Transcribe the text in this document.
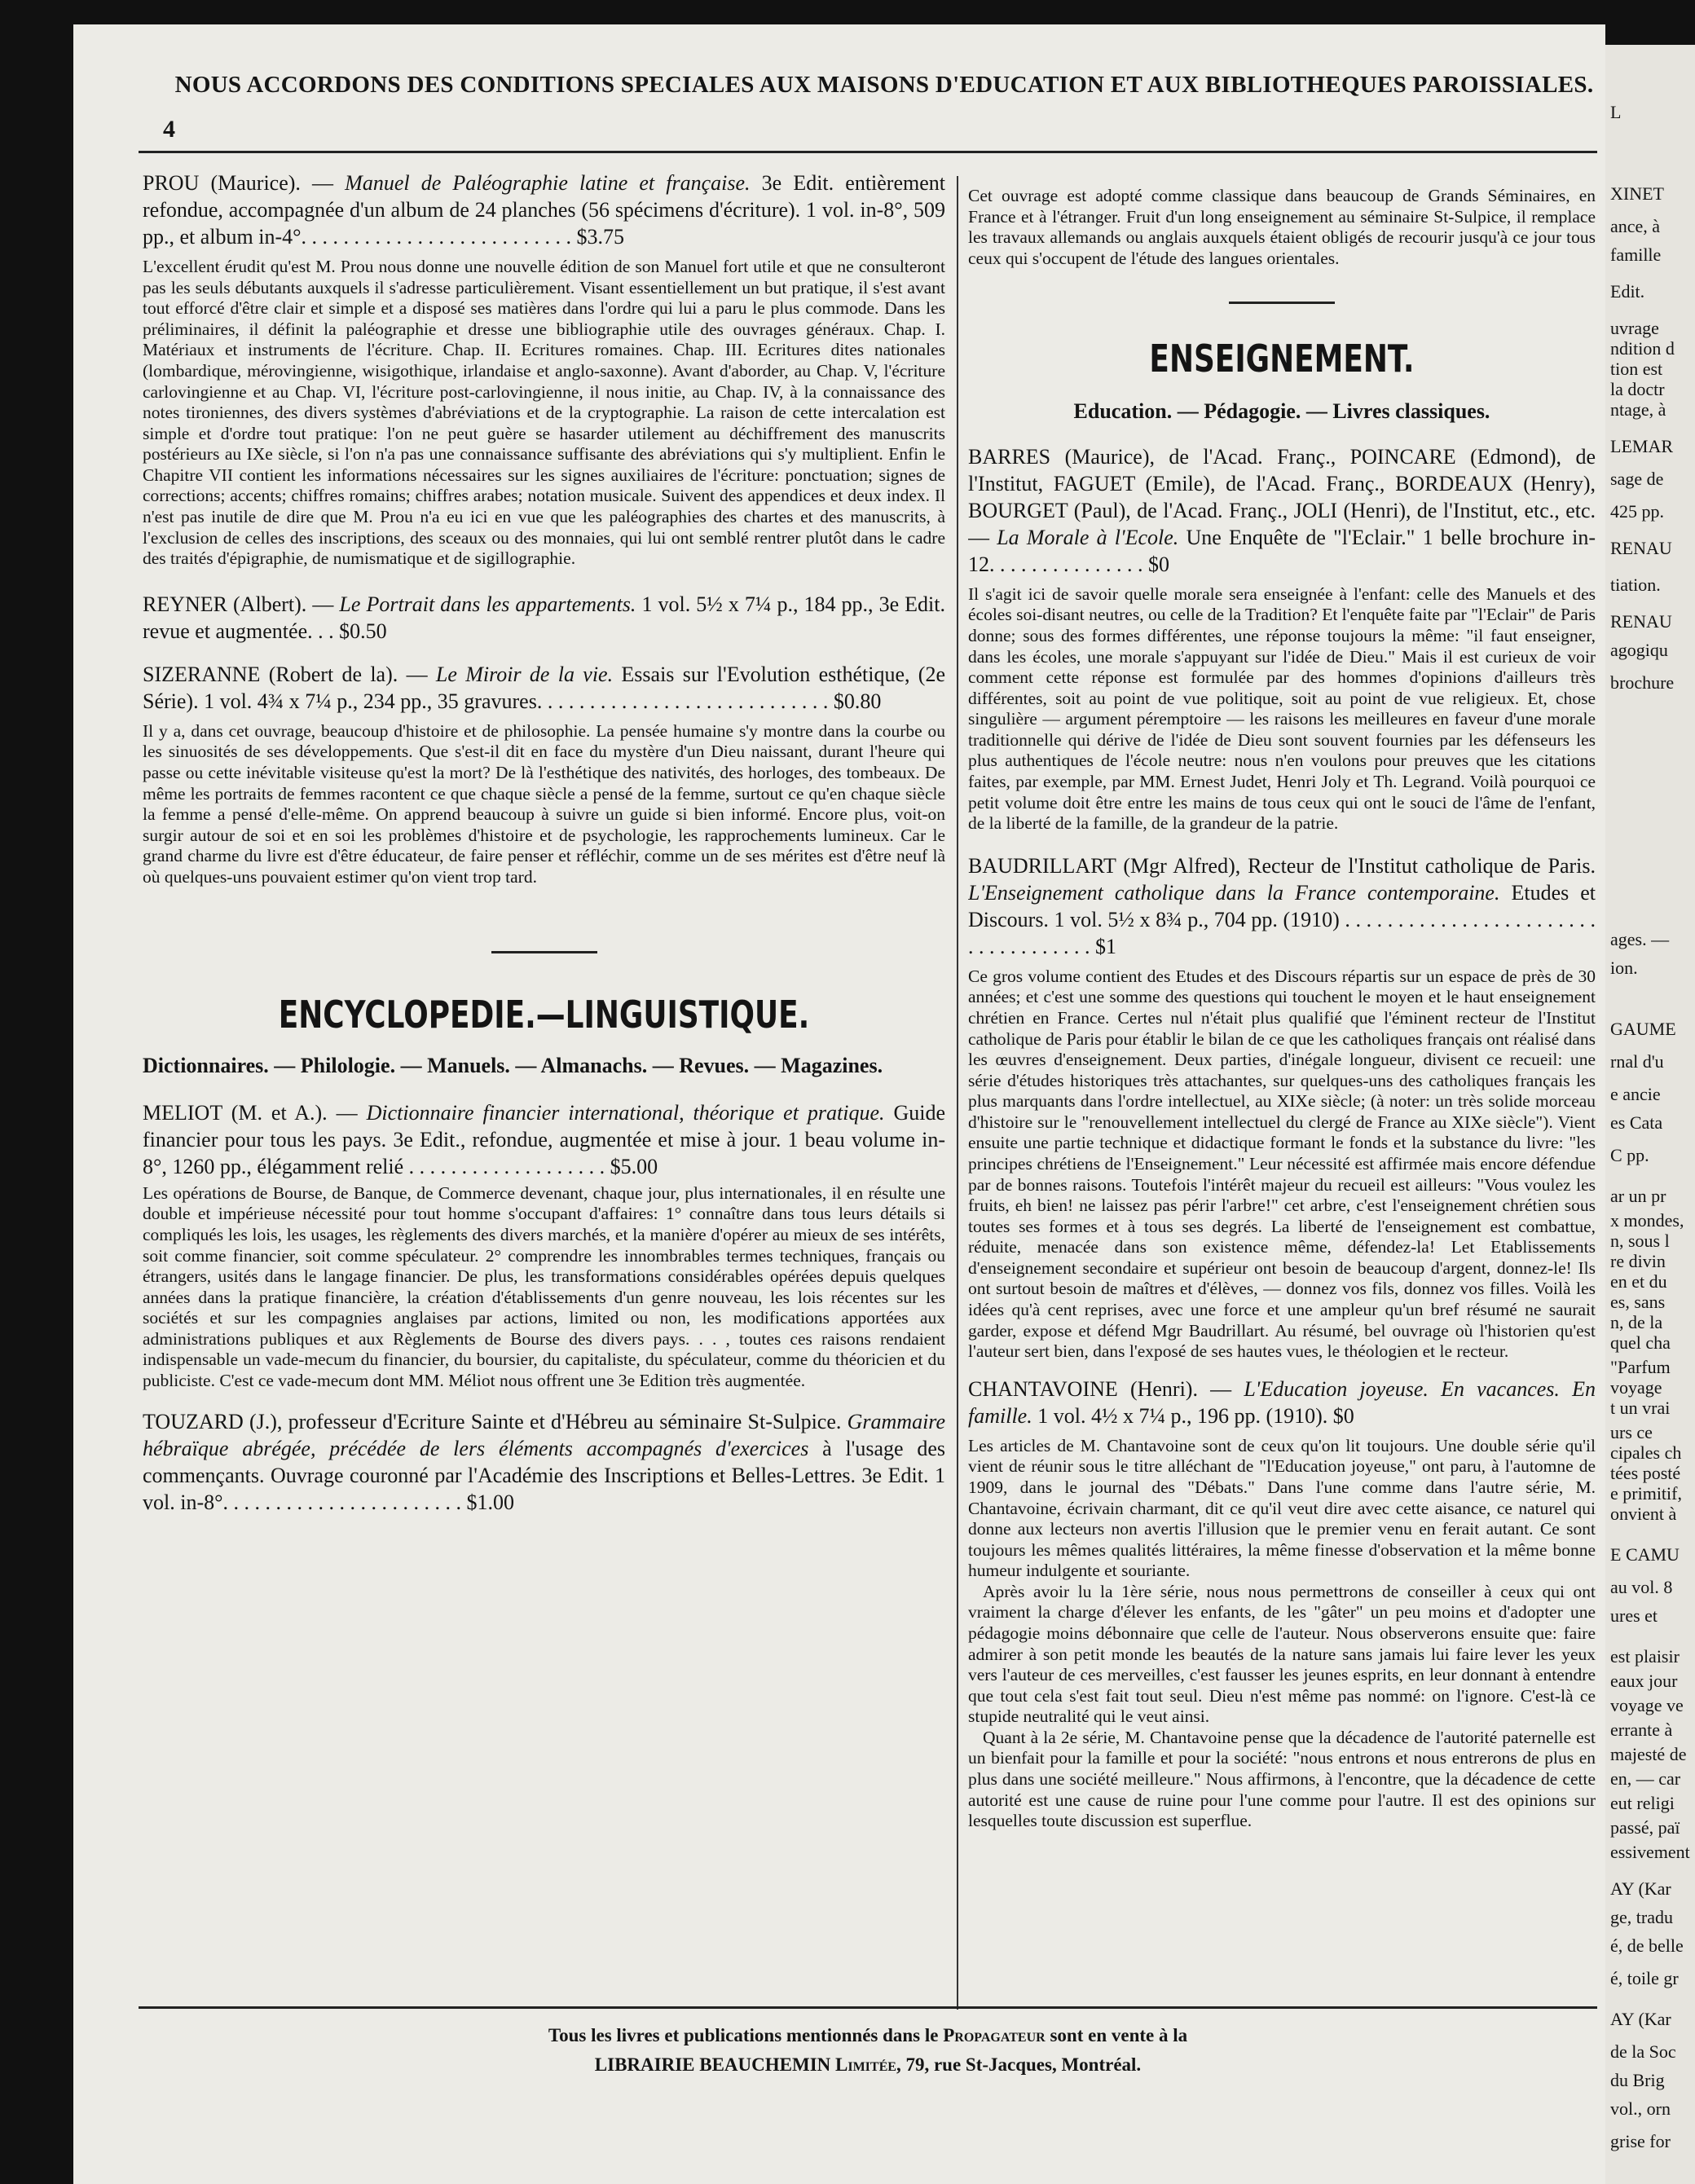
NOUS ACCORDONS DES CONDITIONS SPECIALES AUX MAISONS D'EDUCATION ET AUX BIBLIOTHEQUES PAROISSIALES.
4

PROU (Maurice). — Manuel de Paléographie latine et française. 3e Edit. entièrement refondue, accompagnée d'un album de 24 planches (56 spécimens d'écriture). 1 vol. in-8°, 509 pp., et album in-4°. . . . . . . . . . . . . . . . . . . . . . . . . . $3.75

L'excellent érudit qu'est M. Prou nous donne une nouvelle édition de son Manuel fort utile et que ne consulteront pas les seuls débutants auxquels il s'adresse particulièrement. Visant essentiellement un but pratique, il s'est avant tout efforcé d'être clair et simple et a disposé ses matières dans l'ordre qui lui a paru le plus commode. Dans les préliminaires, il définit la paléographie et dresse une bibliographie utile des ouvrages généraux. Chap. I. Matériaux et instruments de l'écriture. Chap. II. Ecritures romaines. Chap. III. Ecritures dites nationales (lombardique, mérovingienne, wisigothique, irlandaise et anglo-saxonne). Avant d'aborder, au Chap. V, l'écriture carlovingienne et au Chap. VI, l'écriture post-carlovingienne, il nous initie, au Chap. IV, à la connaissance des notes tironiennes, des divers systèmes d'abréviations et de la cryptographie. La raison de cette intercalation est simple et d'ordre tout pratique: l'on ne peut guère se hasarder utilement au déchiffrement des manuscrits postérieurs au IXe siècle, si l'on n'a pas une connaissance suffisante des abréviations qui s'y multiplient. Enfin le Chapitre VII contient les informations nécessaires sur les signes auxiliaires de l'écriture: ponctuation; signes de corrections; accents; chiffres romains; chiffres arabes; notation musicale. Suivent des appendices et deux index. Il n'est pas inutile de dire que M. Prou n'a eu ici en vue que les paléographies des chartes et des manuscrits, à l'exclusion de celles des inscriptions, des sceaux ou des monnaies, qui lui ont semblé rentrer plutôt dans le cadre des traités d'épigraphie, de numismatique et de sigillographie.

REYNER (Albert). — Le Portrait dans les appartements. 1 vol. 5½ x 7¼ p., 184 pp., 3e Edit. revue et augmentée. . . $0.50

SIZERANNE (Robert de la). — Le Miroir de la vie. Essais sur l'Evolution esthétique, (2e Série). 1 vol. 4¾ x 7¼ p., 234 pp., 35 gravures. . . . . . . . . . . . . . . . . . . . . . . . . . . . $0.80

Il y a, dans cet ouvrage, beaucoup d'histoire et de philosophie. La pensée humaine s'y montre dans la courbe ou les sinuosités de ses développements. Que s'est-il dit en face du mystère d'un Dieu naissant, durant l'heure qui passe ou cette inévitable visiteuse qu'est la mort? De là l'esthétique des nativités, des horloges, des tombeaux. De même les portraits de femmes racontent ce que chaque siècle a pensé de la femme, surtout ce qu'en chaque siècle la femme a pensé d'elle-même. On apprend beaucoup à suivre un guide si bien informé. Encore plus, voit-on surgir autour de soi et en soi les problèmes d'histoire et de psychologie, les rapprochements lumineux. Car le grand charme du livre est d'être éducateur, de faire penser et réfléchir, comme un de ses mérites est d'être neuf là où quelques-uns pouvaient estimer qu'on vient trop tard.

ENCYCLOPEDIE.—LINGUISTIQUE.

Dictionnaires. — Philologie. — Manuels. — Almanachs. — Revues. — Magazines.

MELIOT (M. et A.). — Dictionnaire financier international, théorique et pratique. Guide financier pour tous les pays. 3e Edit., refondue, augmentée et mise à jour. 1 beau volume in-8°, 1260 pp., élégamment relié . . . . . . . . . . . . . . . . . . . $5.00

Les opérations de Bourse, de Banque, de Commerce devenant, chaque jour, plus internationales, il en résulte une double et impérieuse nécessité pour tout homme s'occupant d'affaires: 1° connaître dans tous leurs détails si compliqués les lois, les usages, les règlements des divers marchés, et la manière d'opérer au mieux de ses intérêts, soit comme financier, soit comme spéculateur. 2° comprendre les innombrables termes techniques, français ou étrangers, usités dans le langage financier. De plus, les transformations considérables opérées depuis quelques années dans la pratique financière, la création d'établissements d'un genre nouveau, les lois récentes sur les sociétés et sur les compagnies anglaises par actions, limited ou non, les modifications apportées aux administrations publiques et aux Règlements de Bourse des divers pays. . . , toutes ces raisons rendaient indispensable un vade-mecum du financier, du boursier, du capitaliste, du spéculateur, comme du théoricien et du publiciste. C'est ce vade-mecum dont MM. Méliot nous offrent une 3e Edition très augmentée.

TOUZARD (J.), professeur d'Ecriture Sainte et d'Hébreu au séminaire St-Sulpice. Grammaire hébraïque abrégée, précédée de lers éléments accompagnés d'exercices à l'usage des commençants. Ouvrage couronné par l'Académie des Inscriptions et Belles-Lettres. 3e Edit. 1 vol. in-8°. . . . . . . . . . . . . . . . . . . . . . . $1.00

Cet ouvrage est adopté comme classique dans beaucoup de Grands Séminaires, en France et à l'étranger. Fruit d'un long enseignement au séminaire St-Sulpice, il remplace les travaux allemands ou anglais auxquels étaient obligés de recourir jusqu'à ce jour tous ceux qui s'occupent de l'étude des langues orientales.

ENSEIGNEMENT.

Education. — Pédagogie. — Livres classiques.

BARRES (Maurice), de l'Acad. Franç., POINCARE (Edmond), de l'Institut, FAGUET (Emile), de l'Acad. Franç., BORDEAUX (Henry), BOURGET (Paul), de l'Acad. Franç., JOLI (Henri), de l'Institut, etc., etc. — La Morale à l'Ecole. Une Enquête de "l'Eclair." 1 belle brochure in-12. . . . . . . . . . . . . . . $0

Il s'agit ici de savoir quelle morale sera enseignée à l'enfant: celle des Manuels et des écoles soi-disant neutres, ou celle de la Tradition? Et l'enquête faite par "l'Eclair" de Paris donne; sous des formes différentes, une réponse toujours la même: "il faut enseigner, dans les écoles, une morale s'appuyant sur l'idée de Dieu." Mais il est curieux de voir comment cette réponse est formulée par des hommes d'opinions d'ailleurs très différentes, soit au point de vue politique, soit au point de vue religieux. Et, chose singulière — argument péremptoire — les raisons les meilleures en faveur d'une morale traditionnelle qui dérive de l'idée de Dieu sont souvent fournies par les défenseurs les plus authentiques de l'école neutre: nous n'en voulons pour preuves que les citations faites, par exemple, par MM. Ernest Judet, Henri Joly et Th. Legrand. Voilà pourquoi ce petit volume doit être entre les mains de tous ceux qui ont le souci de l'âme de l'enfant, de la liberté de la famille, de la grandeur de la patrie.

BAUDRILLART (Mgr Alfred), Recteur de l'Institut catholique de Paris. L'Enseignement catholique dans la France contemporaine. Etudes et Discours. 1 vol. 5½ x 8¾ p., 704 pp. (1910) . . . . . . . . . . . . . . . . . . . . . . . . . . . . . . . . . . . . $1

Ce gros volume contient des Etudes et des Discours répartis sur un espace de près de 30 années; et c'est une somme des questions qui touchent le moyen et le haut enseignement chrétien en France. Certes nul n'était plus qualifié que l'éminent recteur de l'Institut catholique de Paris pour établir le bilan de ce que les catholiques français ont réalisé dans les œuvres d'enseignement. Deux parties, d'inégale longueur, divisent ce recueil: une série d'études historiques très attachantes, sur quelques-uns des catholiques français les plus marquants dans l'ordre intellectuel, au XIXe siècle; (à noter: un très solide morceau d'histoire sur le "renouvellement intellectuel du clergé de France au XIXe siècle"). Vient ensuite une partie technique et didactique formant le fonds et la substance du livre: "les principes chrétiens de l'Enseignement." Leur nécessité est affirmée mais encore défendue par de bonnes raisons. Toutefois l'intérêt majeur du recueil est ailleurs: "Vous voulez les fruits, eh bien! ne laissez pas périr l'arbre!" cet arbre, c'est l'enseignement chrétien sous toutes ses formes et à tous ses degrés. La liberté de l'enseignement est combattue, réduite, menacée dans son existence même, défendez-la! Let Etablissements d'enseignement secondaire et supérieur ont besoin de beaucoup d'argent, donnez-le! Ils ont surtout besoin de maîtres et d'élèves, — donnez vos fils, donnez vos filles. Voilà les idées qu'à cent reprises, avec une force et une ampleur qu'un bref résumé ne saurait garder, expose et défend Mgr Baudrillart. Au résumé, bel ouvrage où l'historien qu'est l'auteur sert bien, dans l'exposé de ses hautes vues, le théologien et le recteur.

CHANTAVOINE (Henri). — L'Education joyeuse. En vacances. En famille. 1 vol. 4½ x 7¼ p., 196 pp. (1910). $0

Les articles de M. Chantavoine sont de ceux qu'on lit toujours. Une double série qu'il vient de réunir sous le titre alléchant de "l'Education joyeuse," ont paru, à l'automne de 1909, dans le journal des "Débats." Dans l'une comme dans l'autre série, M. Chantavoine, écrivain charmant, dit ce qu'il veut dire avec cette aisance, ce naturel qui donne aux lecteurs non avertis l'illusion que le premier venu en ferait autant. Ce sont toujours les mêmes qualités littéraires, la même finesse d'observation et la même bonne humeur indulgente et souriante.

Après avoir lu la 1ère série, nous nous permettrons de conseiller à ceux qui ont vraiment la charge d'élever les enfants, de les "gâter" un peu moins et d'adopter une pédagogie moins débonnaire que celle de l'auteur. Nous observerons ensuite que: faire admirer à son petit monde les beautés de la nature sans jamais lui faire lever les yeux vers l'auteur de ces merveilles, c'est fausser les jeunes esprits, en leur donnant à entendre que tout cela s'est fait tout seul. Dieu n'est même pas nommé: on l'ignore. C'est-là ce stupide neutralité qui le veut ainsi.

Quant à la 2e série, M. Chantavoine pense que la décadence de l'autorité paternelle est un bienfait pour la famille et pour la société: "nous entrons et nous entrerons de plus en plus dans une société meilleure." Nous affirmons, à l'encontre, que la décadence de cette autorité est une cause de ruine pour l'une comme pour l'autre. Il est des opinions sur lesquelles toute discussion est superflue.

Tous les livres et publications mentionnés dans le Propagateur sont en vente à la
LIBRAIRIE BEAUCHEMIN Limitée, 79, rue St-Jacques, Montréal.
L
XINET
ance, à
famille
Edit.
uvrage
ndition d
tion est
la doctr
ntage, à
LEMAR
sage de
425 pp.
RENAU
tiation.
RENAU
agogiqu
brochure
ages. —
ion.
GAUME
rnal d'u
e ancie
es Cata
C pp.
ar un pr
x mondes,
n, sous l
re divin
en et du
es, sans
n, de la
quel cha
"Parfum
voyage
t un vrai
urs ce
cipales ch
tées posté
e primitif,
onvient à
E CAMU
au vol. 8
ures et
est plaisir
eaux jour
voyage ve
errante à
majesté de
en, — car
eut religi
passé, paï
essivement
AY (Kar
ge, tradu
é, de belle
é, toile gr
AY (Kar
de la Soc
du Brig
vol., orn
grise for
